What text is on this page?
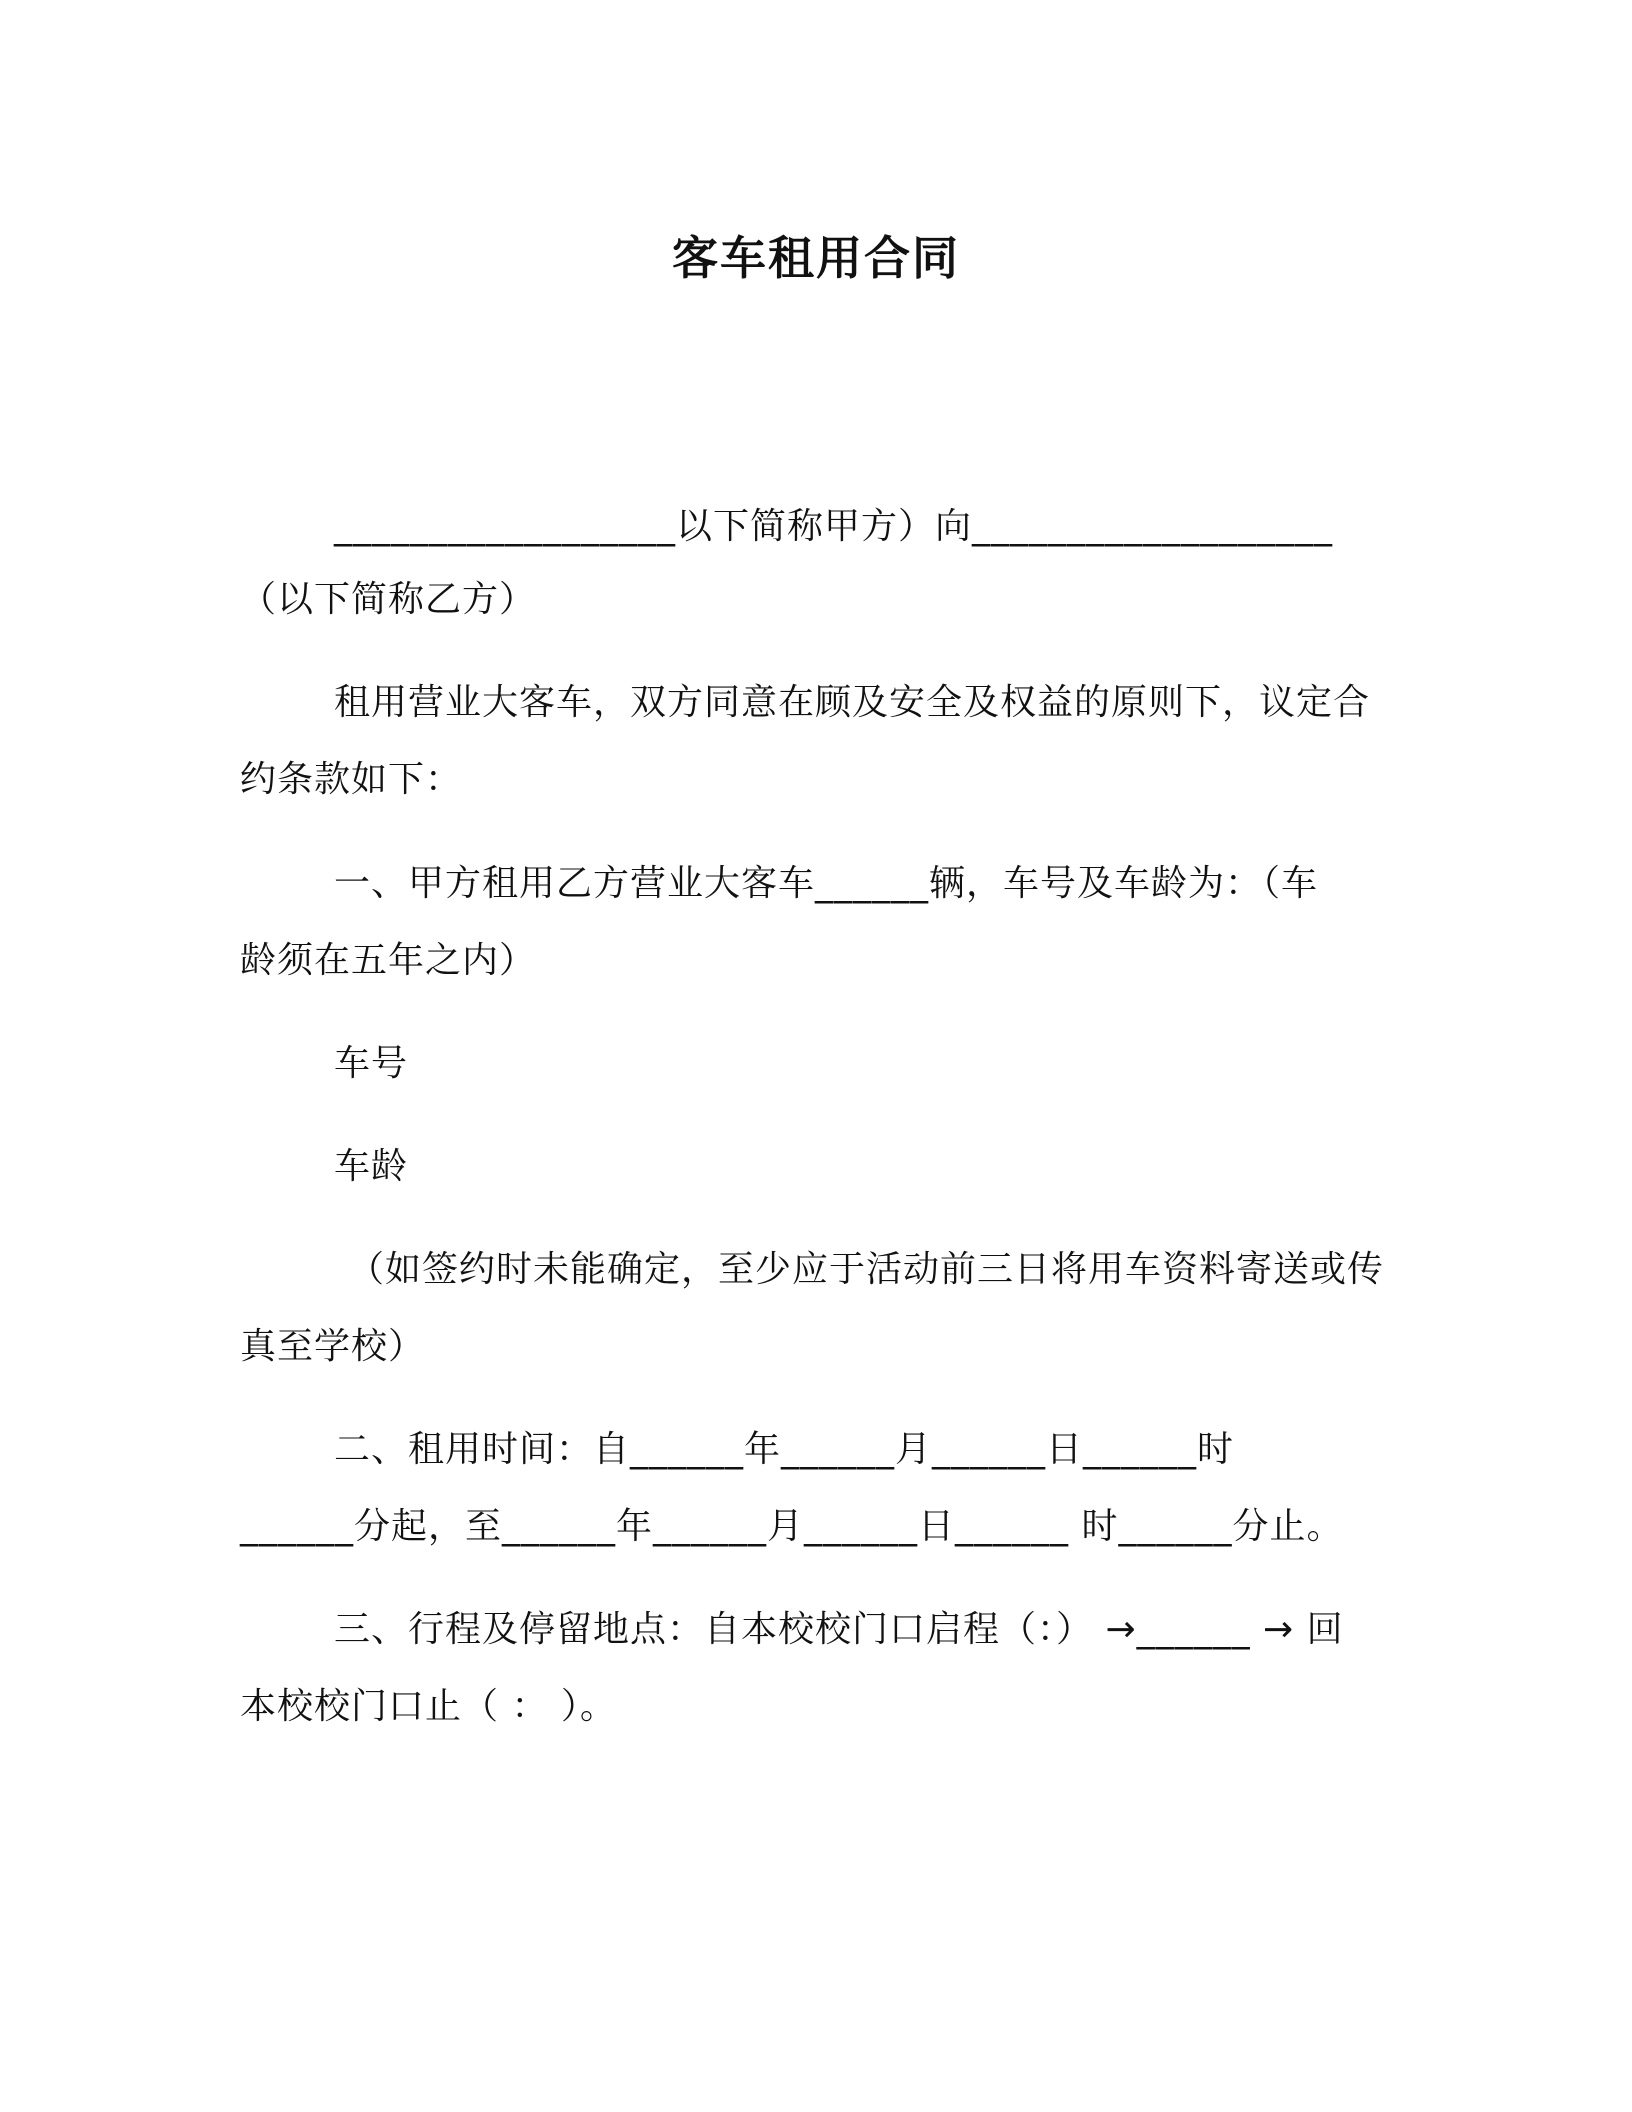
客车租用合同
__________________以下简称甲方）向___________________
（以下简称乙方）
租用营业大客车，双方同意在顾及安全及权益的原则下，议定合
约条款如下：
一、甲方租用乙方营业大客车______辆，车号及车龄为：（车
龄须在五年之内）
车号
车龄
（如签约时未能确定，至少应于活动前三日将用车资料寄送或传
真至学校）
二、租用时间：自______年______月______日______时
______分起，至______年______月______日______ 时______分止。
三、行程及停留地点：自本校校门口启程（：） →______ → 回
本校校门口止（ ： ）。
